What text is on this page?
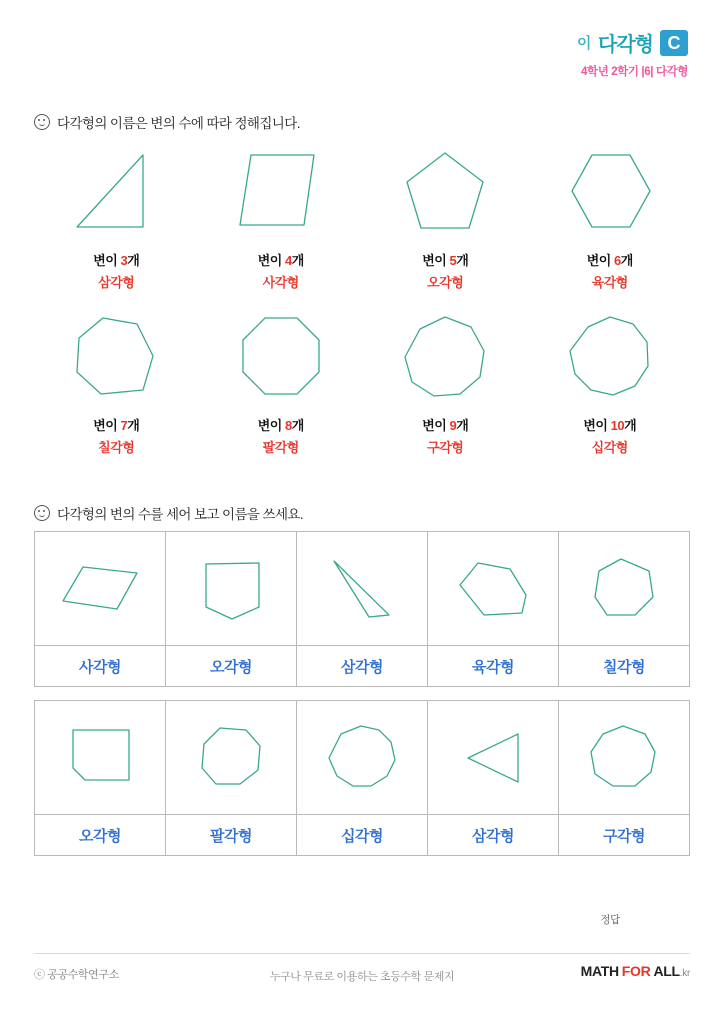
이 다각형 C
4학년 2학기 |6| 다각형
다각형의 이름은 변의 수에 따라 정해집니다.
변이 3개
삼각형
변이 4개
사각형
변이 5개
오각형
변이 6개
육각형
변이 7개
칠각형
변이 8개
팔각형
변이 9개
구각형
변이 10개
십각형
다각형의 변의 수를 세어 보고 이름을 쓰세요.

사각형	오각형	삼각형	육각형	칠각형

오각형	팔각형	십각형	삼각형	구각형
정답
ⓒ 공공수학연구소	누구나 무료로 이용하는 초등수학 문제지	MATH FOR ALL.kr
